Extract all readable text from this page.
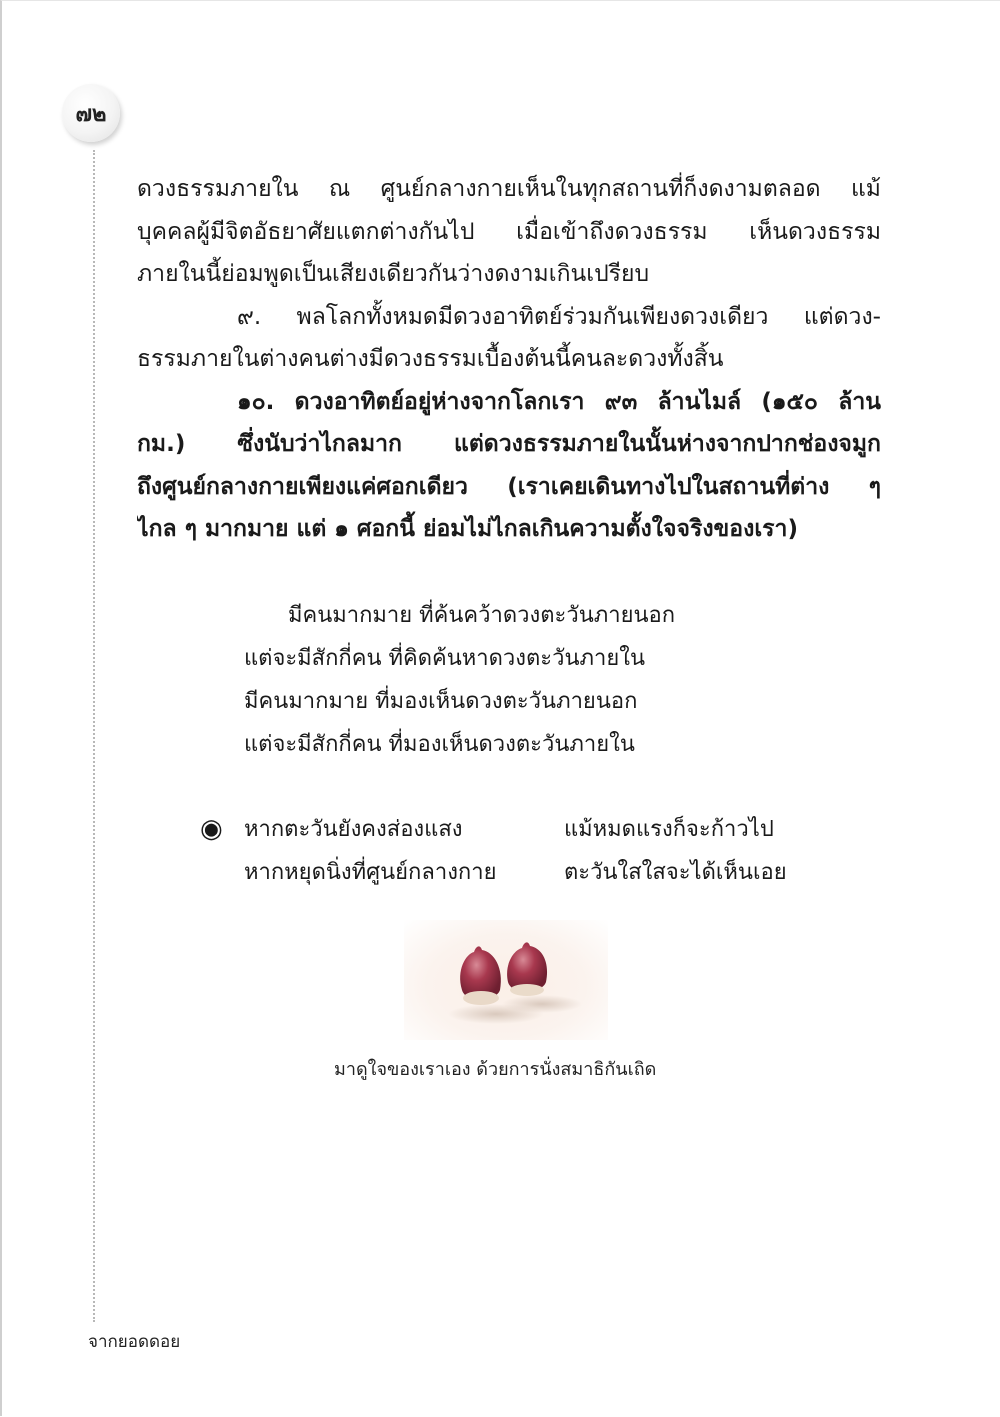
๗๒
ดวงธรรมภายใน ณ ศูนย์กลางกายเห็นในทุกสถานที่ก็งดงามตลอด แม้
บุคคลผู้มีจิตอัธยาศัยแตกต่างกันไป เมื่อเข้าถึงดวงธรรม เห็นดวงธรรม
ภายในนี้ย่อมพูดเป็นเสียงเดียวกันว่างดงามเกินเปรียบ
๙. พลโลกทั้งหมดมีดวงอาทิตย์ร่วมกันเพียงดวงเดียว แต่ดวง-
ธรรมภายในต่างคนต่างมีดวงธรรมเบื้องต้นนี้คนละดวงทั้งสิ้น
๑๐. ดวงอาทิตย์อยู่ห่างจากโลกเรา ๙๓ ล้านไมล์ (๑๕๐ ล้าน
กม.) ซึ่งนับว่าไกลมาก แต่ดวงธรรมภายในนั้นห่างจากปากช่องจมูก
ถึงศูนย์กลางกายเพียงแค่ศอกเดียว (เราเคยเดินทางไปในสถานที่ต่าง ๆ
ไกล ๆ มากมาย แต่ ๑ ศอกนี้ ย่อมไม่ไกลเกินความตั้งใจจริงของเรา)
มีคนมากมาย ที่ค้นคว้าดวงตะวันภายนอก
แต่จะมีสักกี่คน ที่คิดค้นหาดวงตะวันภายใน
มีคนมากมาย ที่มองเห็นดวงตะวันภายนอก
แต่จะมีสักกี่คน ที่มองเห็นดวงตะวันภายใน
◉ หากตะวันยังคงส่องแสง	แม้หมดแรงก็จะก้าวไป
หากหยุดนิ่งที่ศูนย์กลางกาย	ตะวันใสใสจะได้เห็นเอย
มาดูใจของเราเอง ด้วยการนั่งสมาธิกันเถิด
จากยอดดอย
